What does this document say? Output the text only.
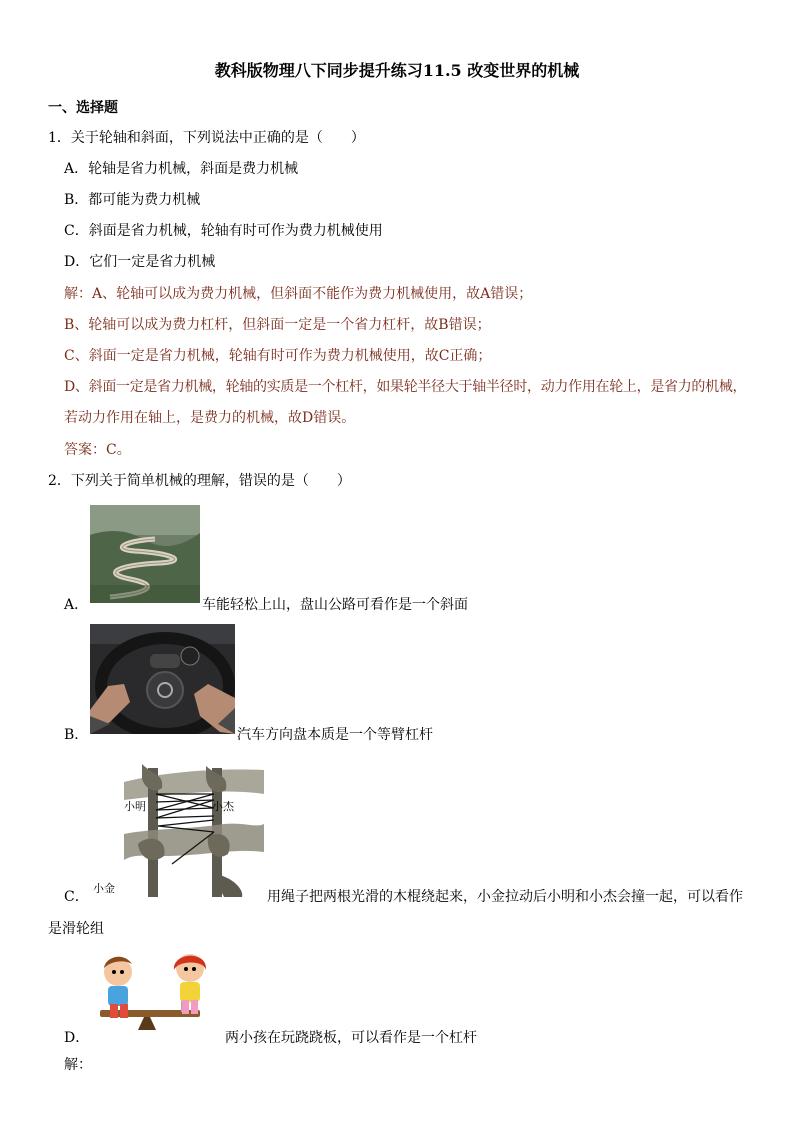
教科版物理八下同步提升练习11.5 改变世界的机械
一、选择题
1．关于轮轴和斜面，下列说法中正确的是（　　）
A．轮轴是省力机械，斜面是费力机械
B．都可能为费力机械
C．斜面是省力机械，轮轴有时可作为费力机械使用
D．它们一定是省力机械
解：A、轮轴可以成为费力机械，但斜面不能作为费力机械使用，故A错误；
B、轮轴可以成为费力杠杆，但斜面一定是一个省力杠杆，故B错误；
C、斜面一定是省力机械，轮轴有时可作为费力机械使用，故C正确；
D、斜面一定是省力机械，轮轴的实质是一个杠杆，如果轮半径大于轴半径时，动力作用在轮上，是省力的机械，
若动力作用在轴上，是费力的机械，故D错误。
答案：C。
2．下列关于简单机械的理解，错误的是（　　）
A．	车能轻松上山，盘山公路可看作是一个斜面
B．	汽车方向盘本质是一个等臂杠杆
C．
小明	小杰
小金
用绳子把两根光滑的木棍绕起来，小金拉动后小明和小杰会撞一起，可以看作
是滑轮组
D．	两小孩在玩跷跷板，可以看作是一个杠杆
解：
